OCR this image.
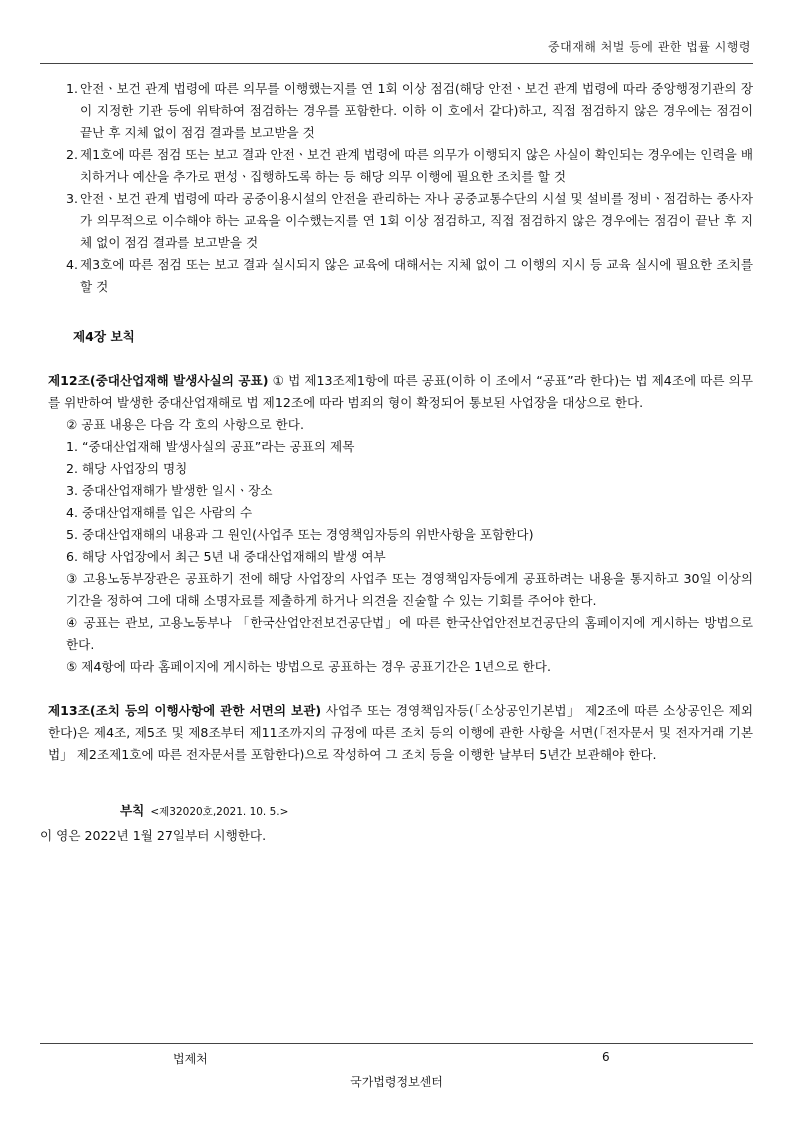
중대재해 처벌 등에 관한 법률 시행령
1. 안전ㆍ보건 관계 법령에 따른 의무를 이행했는지를 연 1회 이상 점검(해당 안전ㆍ보건 관계 법령에 따라 중앙행정기관의 장이 지정한 기관 등에 위탁하여 점검하는 경우를 포함한다. 이하 이 호에서 같다)하고, 직접 점검하지 않은 경우에는 점검이 끝난 후 지체 없이 점검 결과를 보고받을 것
2. 제1호에 따른 점검 또는 보고 결과 안전ㆍ보건 관계 법령에 따른 의무가 이행되지 않은 사실이 확인되는 경우에는 인력을 배치하거나 예산을 추가로 편성ㆍ집행하도록 하는 등 해당 의무 이행에 필요한 조치를 할 것
3. 안전ㆍ보건 관계 법령에 따라 공중이용시설의 안전을 관리하는 자나 공중교통수단의 시설 및 설비를 정비ㆍ점검하는 종사자가 의무적으로 이수해야 하는 교육을 이수했는지를 연 1회 이상 점검하고, 직접 점검하지 않은 경우에는 점검이 끝난 후 지체 없이 점검 결과를 보고받을 것
4. 제3호에 따른 점검 또는 보고 결과 실시되지 않은 교육에 대해서는 지체 없이 그 이행의 지시 등 교육 실시에 필요한 조치를 할 것
제4장 보칙
제12조(중대산업재해 발생사실의 공표) ① 법 제13조제1항에 따른 공표(이하 이 조에서 “공표”라 한다)는 법 제4조에 따른 의무를 위반하여 발생한 중대산업재해로 법 제12조에 따라 범죄의 형이 확정되어 통보된 사업장을 대상으로 한다.
② 공표 내용은 다음 각 호의 사항으로 한다.
1. “중대산업재해 발생사실의 공표”라는 공표의 제목
2. 해당 사업장의 명칭
3. 중대산업재해가 발생한 일시ㆍ장소
4. 중대산업재해를 입은 사람의 수
5. 중대산업재해의 내용과 그 원인(사업주 또는 경영책임자등의 위반사항을 포함한다)
6. 해당 사업장에서 최근 5년 내 중대산업재해의 발생 여부
③ 고용노동부장관은 공표하기 전에 해당 사업장의 사업주 또는 경영책임자등에게 공표하려는 내용을 통지하고 30일 이상의 기간을 정하여 그에 대해 소명자료를 제출하게 하거나 의견을 진술할 수 있는 기회를 주어야 한다.
④ 공표는 관보, 고용노동부나 「한국산업안전보건공단법」에 따른 한국산업안전보건공단의 홈페이지에 게시하는 방법으로 한다.
⑤ 제4항에 따라 홈페이지에 게시하는 방법으로 공표하는 경우 공표기간은 1년으로 한다.
제13조(조치 등의 이행사항에 관한 서면의 보관) 사업주 또는 경영책임자등(「소상공인기본법」 제2조에 따른 소상공인은 제외한다)은 제4조, 제5조 및 제8조부터 제11조까지의 규정에 따른 조치 등의 이행에 관한 사항을 서면(「전자문서 및 전자거래 기본법」 제2조제1호에 따른 전자문서를 포함한다)으로 작성하여 그 조치 등을 이행한 날부터 5년간 보관해야 한다.
부칙 <제32020호,2021. 10. 5.>
이 영은 2022년 1월 27일부터 시행한다.
법제처	6
국가법령정보센터
